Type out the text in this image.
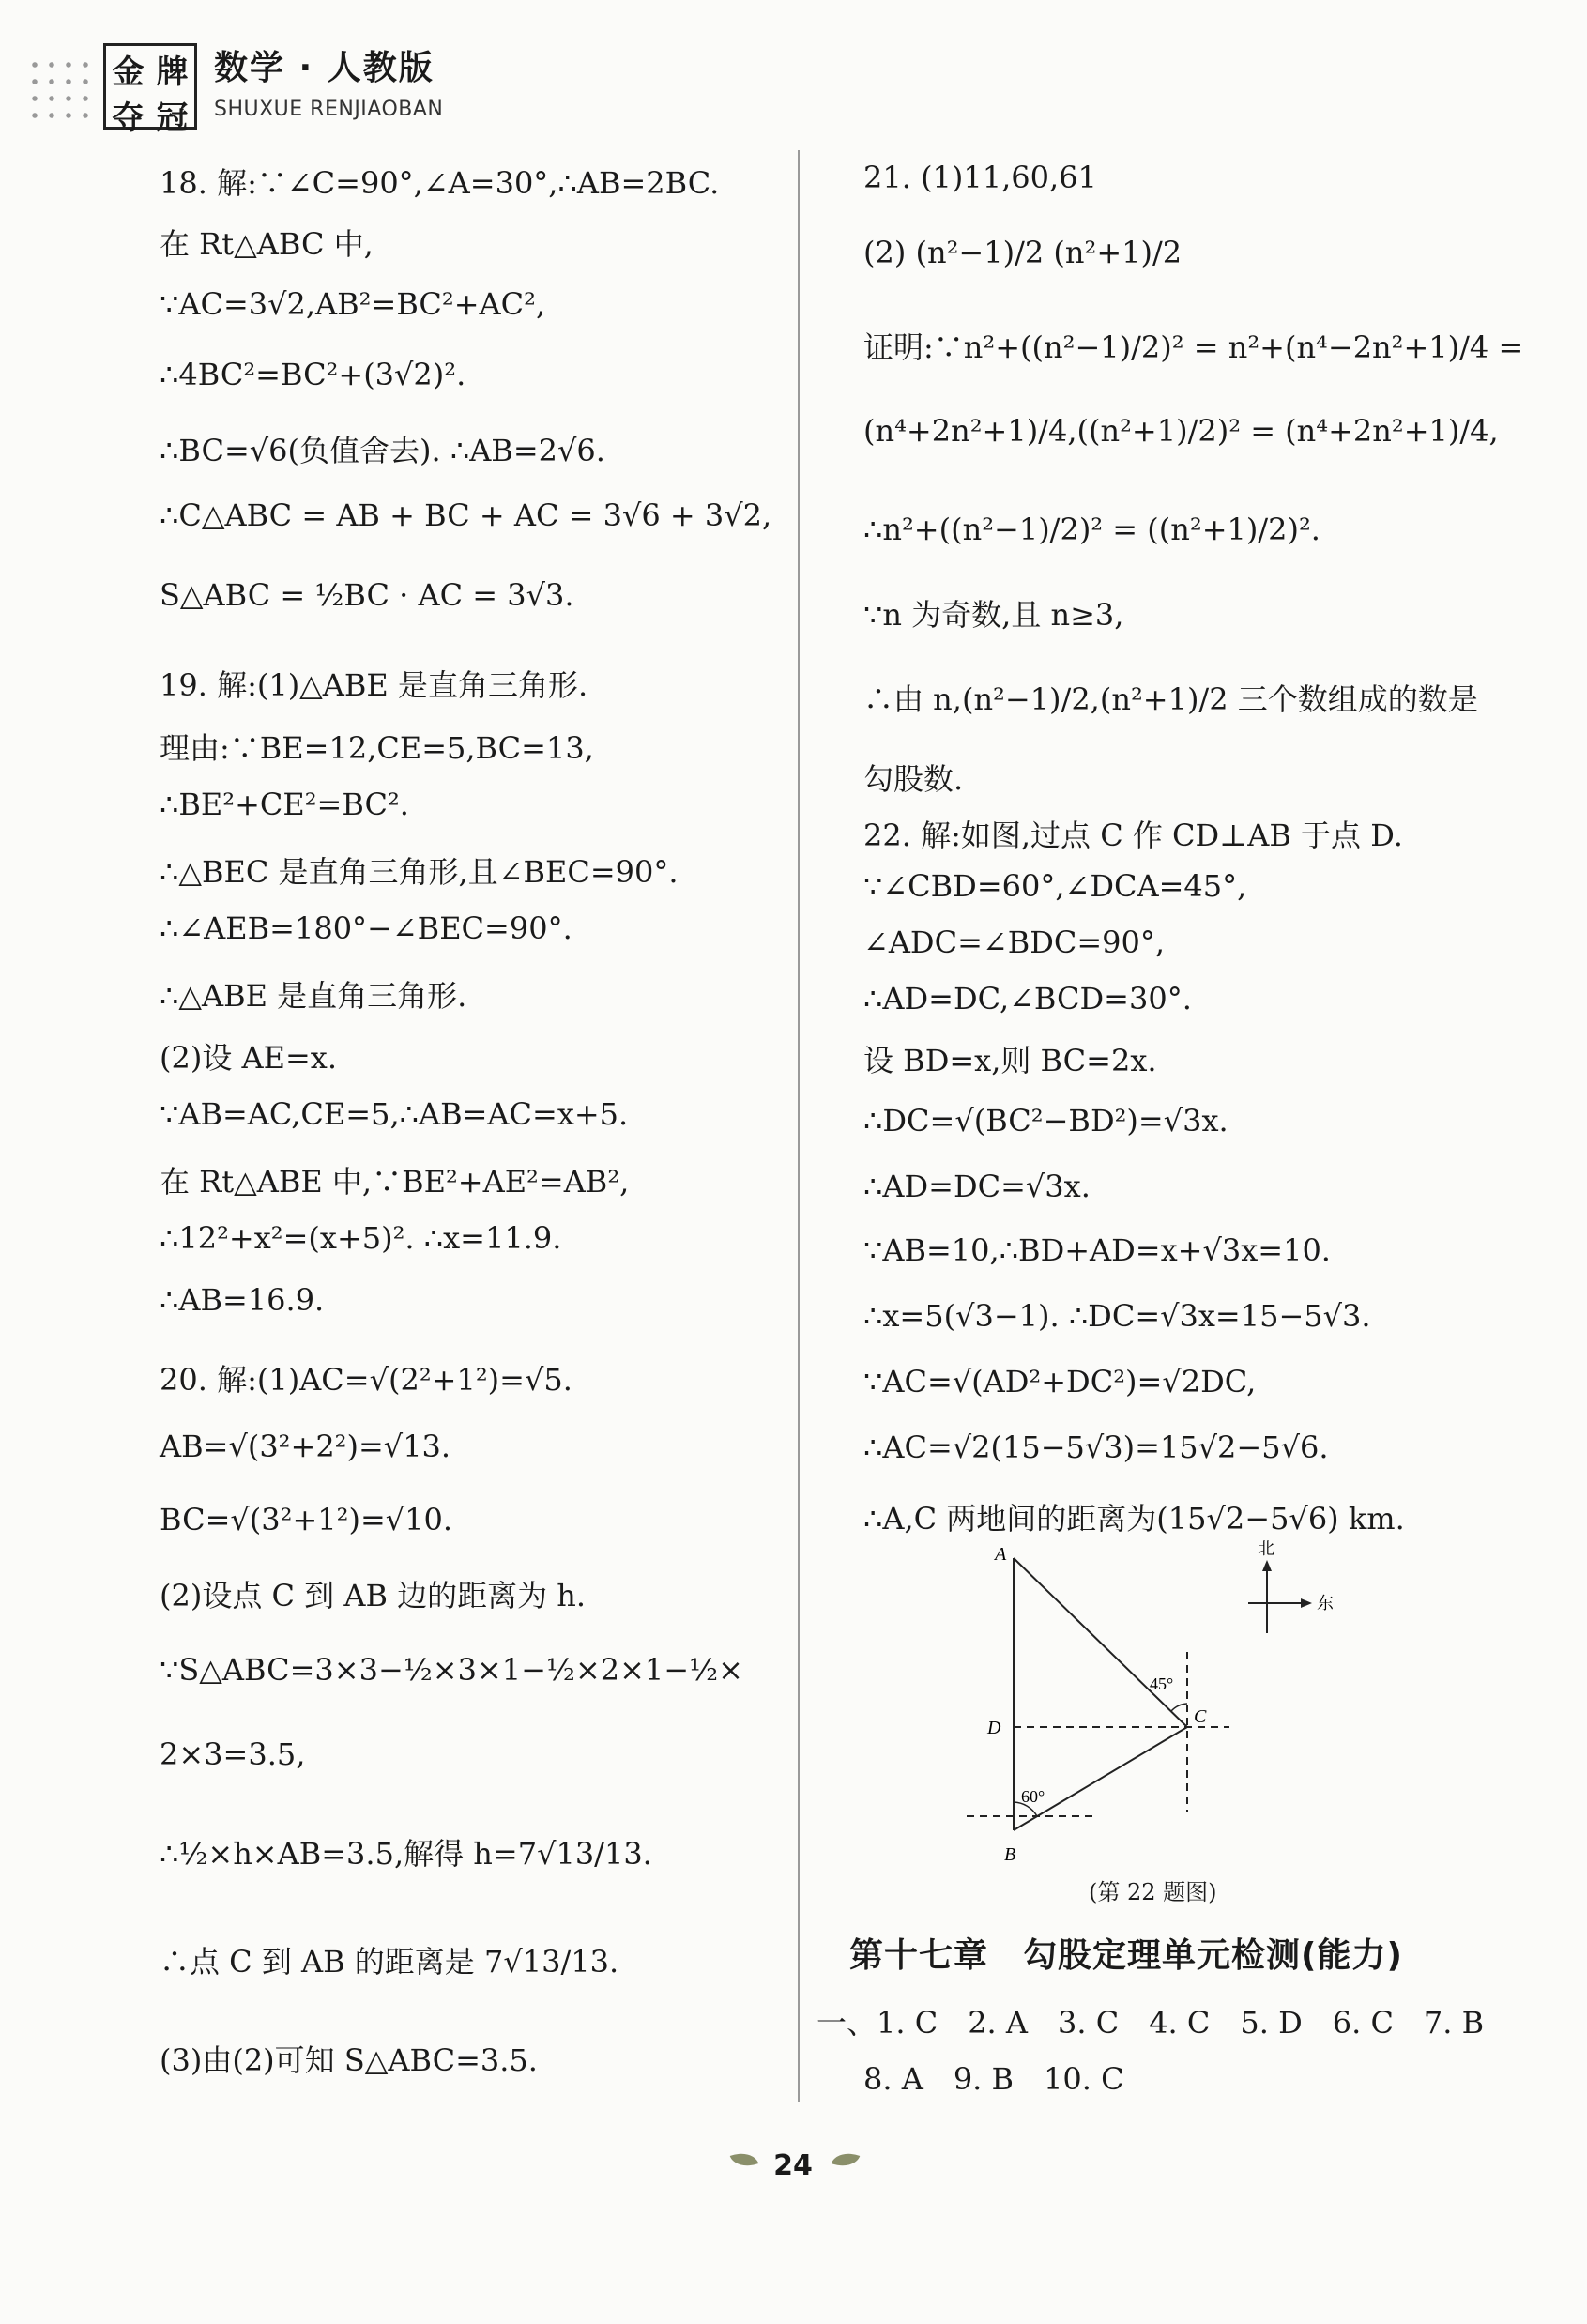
金 牌
夺 冠
数学 · 人教版
SHUXUE RENJIAOBAN
18. 解:∵∠C=90°,∠A=30°,∴AB=2BC.
在 Rt△ABC 中,
∵AC=3√2,AB²=BC²+AC²,
∴4BC²=BC²+(3√2)².
∴BC=√6(负值舍去). ∴AB=2√6.
∴C△ABC = AB + BC + AC = 3√6 + 3√2,
S△ABC = ½BC · AC = 3√3.
19. 解:(1)△ABE 是直角三角形.
理由:∵BE=12,CE=5,BC=13,
∴BE²+CE²=BC².
∴△BEC 是直角三角形,且∠BEC=90°.
∴∠AEB=180°−∠BEC=90°.
∴△ABE 是直角三角形.
(2)设 AE=x.
∵AB=AC,CE=5,∴AB=AC=x+5.
在 Rt△ABE 中,∵BE²+AE²=AB²,
∴12²+x²=(x+5)². ∴x=11.9.
∴AB=16.9.
20. 解:(1)AC=√(2²+1²)=√5.
AB=√(3²+2²)=√13.
BC=√(3²+1²)=√10.
(2)设点 C 到 AB 边的距离为 h.
∵S△ABC=3×3−½×3×1−½×2×1−½×
2×3=3.5,
∴½×h×AB=3.5,解得 h=7√13/13.
∴点 C 到 AB 的距离是 7√13/13.
(3)由(2)可知 S△ABC=3.5.
21. (1)11,60,61
(2) (n²−1)/2 (n²+1)/2
证明:∵n²+((n²−1)/2)² = n²+(n⁴−2n²+1)/4 =
(n⁴+2n²+1)/4,((n²+1)/2)² = (n⁴+2n²+1)/4,
∴n²+((n²−1)/2)² = ((n²+1)/2)².
∵n 为奇数,且 n≥3,
∴由 n,(n²−1)/2,(n²+1)/2 三个数组成的数是
勾股数.
22. 解:如图,过点 C 作 CD⊥AB 于点 D.
∵∠CBD=60°,∠DCA=45°,
∠ADC=∠BDC=90°,
∴AD=DC,∠BCD=30°.
设 BD=x,则 BC=2x.
∴DC=√(BC²−BD²)=√3x.
∴AD=DC=√3x.
∵AB=10,∴BD+AD=x+√3x=10.
∴x=5(√3−1). ∴DC=√3x=15−5√3.
∵AC=√(AD²+DC²)=√2DC,
∴AC=√2(15−5√3)=15√2−5√6.
∴A,C 两地间的距离为(15√2−5√6) km.
A
B
C
D
45°
60°
北
东
(第 22 题图)
第十七章　勾股定理单元检测(能力)
一、1. C　2. A　3. C　4. C　5. D　6. C　7. B
8. A　9. B　10. C
24
